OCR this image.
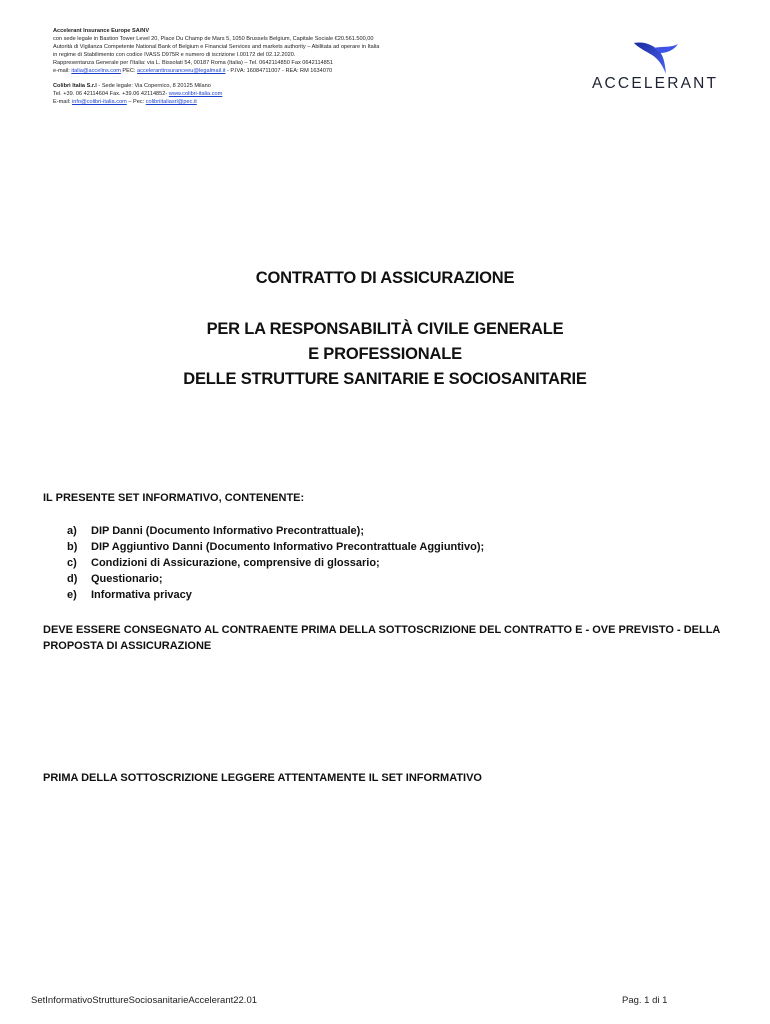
Accelerant Insurance Europe SA/NV
con sede legale in Bastion Tower Level 20, Place Du Champ de Mars 5, 1050 Brussels Belgium, Capitale Sociale €20.561.500,00
Autorità di Vigilanza Competente National Bank of Belgium e Financial Services and markets authority – Abilitata ad operare in Italia
in regime di Stabilimento con codice IVASS D975R e numero di iscrizione I.00172 del 02.12.2020.
Rappresentanza Generale per l'Italia: via L. Bissolati 54, 00187 Roma (Italia) – Tel. 0642114850 Fax 0642114851
e-mail: italia@accelins.com PEC: accelerantinsuranceeu@legalmail.it - P.IVA: 16084711007 - REA: RM 1634070
Colibrì Italia S.r.l - Sede legale: Via Copernico, 8 20125 Milano
Tel. +39. 06 42114604 Fax. +39.06 42114852- www.colibri-italia.com
E-mail: info@colibri-italia.com – Pec: colibriitaliasrl@pec.it
ACCELERANT
CONTRATTO DI ASSICURAZIONE
PER LA RESPONSABILITÀ CIVILE GENERALE
E PROFESSIONALE
DELLE STRUTTURE SANITARIE E SOCIOSANITARIE
IL PRESENTE SET INFORMATIVO, CONTENENTE:
a) DIP Danni (Documento Informativo Precontrattuale);
b) DIP Aggiuntivo Danni (Documento Informativo Precontrattuale Aggiuntivo);
c) Condizioni di Assicurazione, comprensive di glossario;
d) Questionario;
e) Informativa privacy
DEVE ESSERE CONSEGNATO AL CONTRAENTE PRIMA DELLA SOTTOSCRIZIONE DEL CONTRATTO E - OVE PREVISTO - DELLA PROPOSTA DI ASSICURAZIONE
PRIMA DELLA SOTTOSCRIZIONE LEGGERE ATTENTAMENTE IL SET INFORMATIVO
SetInformativoStruttureSociosanitarieAccelerant22.01	Pag. 1 di 1
